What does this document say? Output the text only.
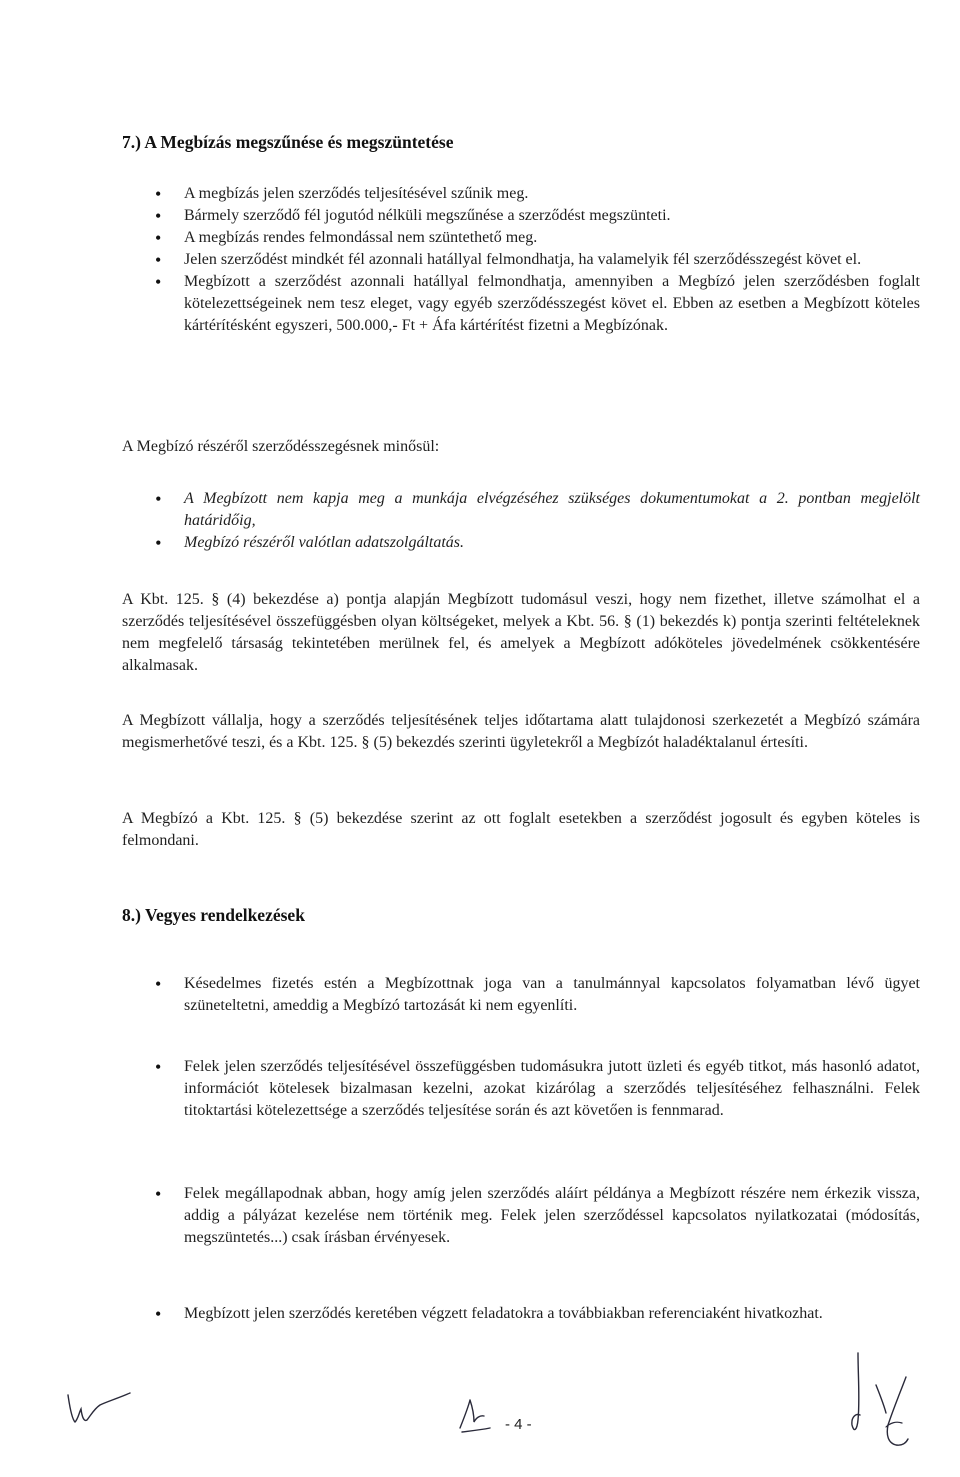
7.) A Megbízás megszűnése és megszüntetése
• A megbízás jelen szerződés teljesítésével szűnik meg.
• Bármely szerződő fél jogutód nélküli megszűnése a szerződést megszünteti.
• A megbízás rendes felmondással nem szüntethető meg.
• Jelen szerződést mindkét fél azonnali hatállyal felmondhatja, ha valamelyik fél szerződésszegést követ el.
• Megbízott a szerződést azonnali hatállyal felmondhatja, amennyiben a Megbízó jelen szerződésben foglalt kötelezettségeinek nem tesz eleget, vagy egyéb szerződésszegést követ el. Ebben az esetben a Megbízott köteles kártérítésként egyszeri, 500.000,- Ft + Áfa kártérítést fizetni a Megbízónak.

A Megbízó részéről szerződésszegésnek minősül:

• A Megbízott nem kapja meg a munkája elvégzéséhez szükséges dokumentumokat a 2. pontban megjelölt határidőig,
• Megbízó részéről valótlan adatszolgáltatás.

A Kbt. 125. § (4) bekezdése a) pontja alapján Megbízott tudomásul veszi, hogy nem fizethet, illetve számolhat el a szerződés teljesítésével összefüggésben olyan költségeket, melyek a Kbt. 56. § (1) bekezdés k) pontja szerinti feltételeknek nem megfelelő társaság tekintetében merülnek fel, és amelyek a Megbízott adóköteles jövedelmének csökkentésére alkalmasak.

A Megbízott vállalja, hogy a szerződés teljesítésének teljes időtartama alatt tulajdonosi szerkezetét a Megbízó számára megismerhetővé teszi, és a Kbt. 125. § (5) bekezdés szerinti ügyletekről a Megbízót haladéktalanul értesíti.

A Megbízó a Kbt. 125. § (5) bekezdése szerint az ott foglalt esetekben a szerződést jogosult és egyben köteles is felmondani.

8.) Vegyes rendelkezések
• Késedelmes fizetés estén a Megbízottnak joga van a tanulmánnyal kapcsolatos folyamatban lévő ügyet szüneteltetni, ameddig a Megbízó tartozását ki nem egyenlíti.
• Felek jelen szerződés teljesítésével összefüggésben tudomásukra jutott üzleti és egyéb titkot, más hasonló adatot, információt kötelesek bizalmasan kezelni, azokat kizárólag a szerződés teljesítéséhez felhasználni. Felek titoktartási kötelezettsége a szerződés teljesítése során és azt követően is fennmarad.
• Felek megállapodnak abban, hogy amíg jelen szerződés aláírt példánya a Megbízott részére nem érkezik vissza, addig a pályázat kezelése nem történik meg. Felek jelen szerződéssel kapcsolatos nyilatkozatai (módosítás, megszüntetés...) csak írásban érvényesek.
• Megbízott jelen szerződés keretében végzett feladatokra a továbbiakban referenciaként hivatkozhat.
- 4 -
